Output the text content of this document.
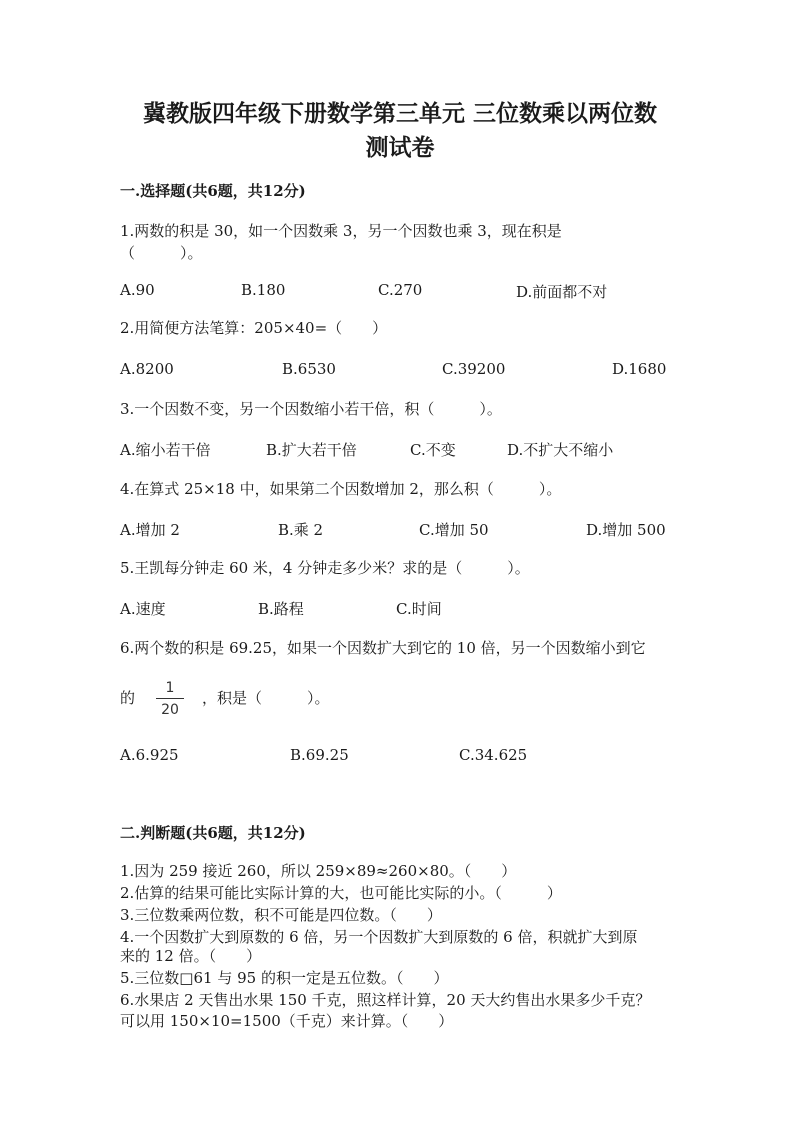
冀教版四年级下册数学第三单元 三位数乘以两位数
测试卷
一.选择题(共6题，共12分)
1.两数的积是 30，如一个因数乘 3，另一个因数也乘 3，现在积是
（　　　）。
A.90	B.180	C.270	D.前面都不对
2.用简便方法笔算：205×40=（　　）
A.8200	B.6530	C.39200	D.1680
3.一个因数不变，另一个因数缩小若干倍，积（　　　）。
A.缩小若干倍	B.扩大若干倍	C.不变	D.不扩大不缩小
4.在算式 25×18 中，如果第二个因数增加 2，那么积（　　　）。
A.增加 2	B.乘 2	C.增加 50	D.增加 500
5.王凯每分钟走 60 米，4 分钟走多少米？求的是（　　　）。
A.速度	B.路程	C.时间
6.两个数的积是 69.25，如果一个因数扩大到它的 10 倍，另一个因数缩小到它
的
1
20
，积是（　　　）。
A.6.925	B.69.25	C.34.625
二.判断题(共6题，共12分)
1.因为 259 接近 260，所以 259×89≈260×80。（　　）
2.估算的结果可能比实际计算的大，也可能比实际的小。（　　　）
3.三位数乘两位数，积不可能是四位数。（　　）
4.一个因数扩大到原数的 6 倍，另一个因数扩大到原数的 6 倍，积就扩大到原
来的 12 倍。（　　）
5.三位数□61 与 95 的积一定是五位数。（　　）
6.水果店 2 天售出水果 150 千克，照这样计算，20 天大约售出水果多少千克？
可以用 150×10=1500（千克）来计算。（　　）
